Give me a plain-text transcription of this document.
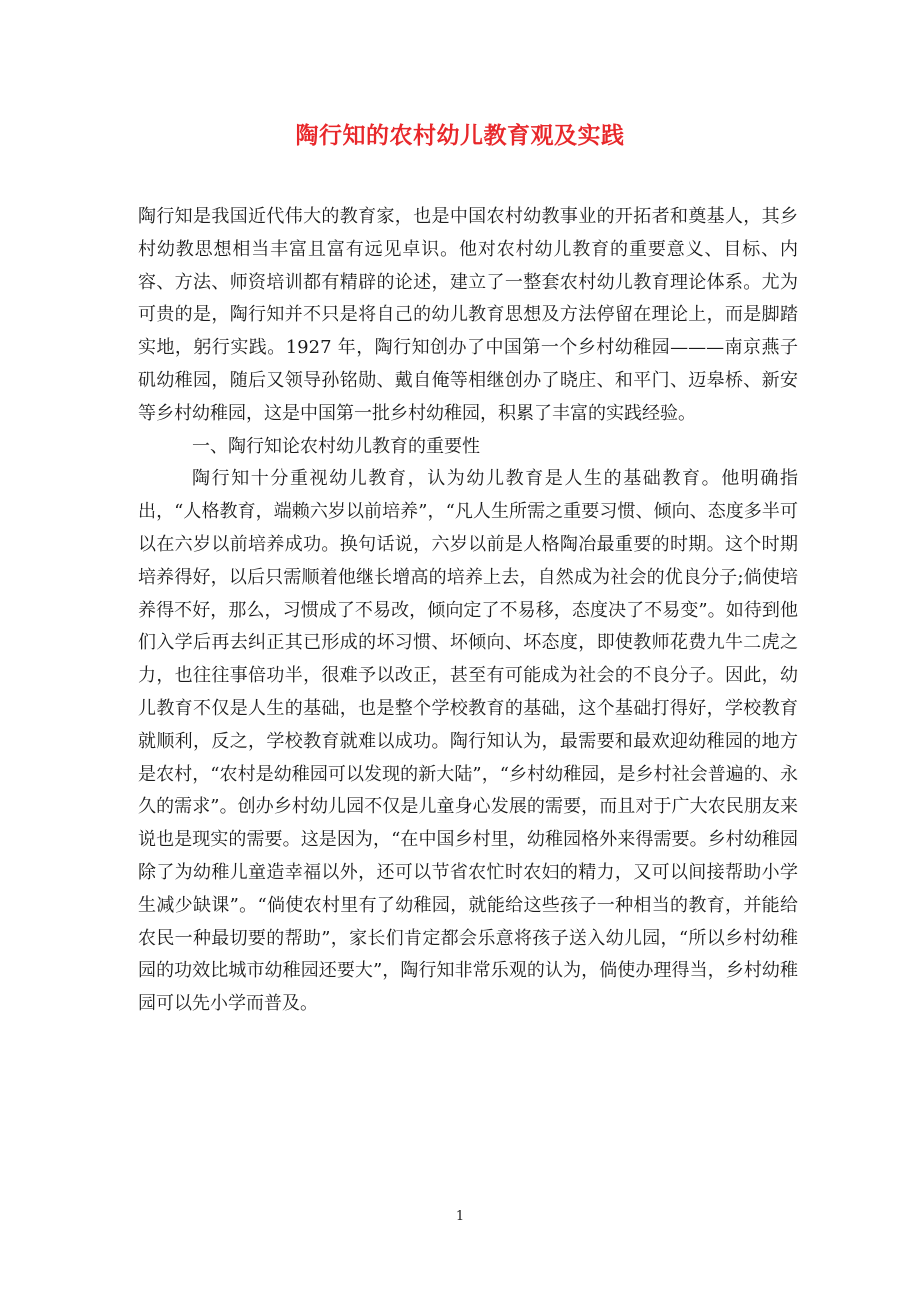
陶行知的农村幼儿教育观及实践

陶行知是我国近代伟大的教育家，也是中国农村幼教事业的开拓者和奠基人，其乡村幼教思想相当丰富且富有远见卓识。他对农村幼儿教育的重要意义、目标、内容、方法、师资培训都有精辟的论述，建立了一整套农村幼儿教育理论体系。尤为可贵的是，陶行知并不只是将自己的幼儿教育思想及方法停留在理论上，而是脚踏实地，躬行实践。1927 年，陶行知创办了中国第一个乡村幼稚园———南京燕子矶幼稚园，随后又领导孙铭勋、戴自俺等相继创办了晓庄、和平门、迈皋桥、新安等乡村幼稚园，这是中国第一批乡村幼稚园，积累了丰富的实践经验。

一、陶行知论农村幼儿教育的重要性

陶行知十分重视幼儿教育，认为幼儿教育是人生的基础教育。他明确指出，“人格教育，端赖六岁以前培养”，“凡人生所需之重要习惯、倾向、态度多半可以在六岁以前培养成功。换句话说，六岁以前是人格陶冶最重要的时期。这个时期培养得好，以后只需顺着他继长增高的培养上去，自然成为社会的优良分子;倘使培养得不好，那么，习惯成了不易改，倾向定了不易移，态度决了不易变”。如待到他们入学后再去纠正其已形成的坏习惯、坏倾向、坏态度，即使教师花费九牛二虎之力，也往往事倍功半，很难予以改正，甚至有可能成为社会的不良分子。因此，幼儿教育不仅是人生的基础，也是整个学校教育的基础，这个基础打得好，学校教育就顺利，反之，学校教育就难以成功。陶行知认为，最需要和最欢迎幼稚园的地方是农村，“农村是幼稚园可以发现的新大陆”，“乡村幼稚园，是乡村社会普遍的、永久的需求”。创办乡村幼儿园不仅是儿童身心发展的需要，而且对于广大农民朋友来说也是现实的需要。这是因为，“在中国乡村里，幼稚园格外来得需要。乡村幼稚园除了为幼稚儿童造幸福以外，还可以节省农忙时农妇的精力，又可以间接帮助小学生减少缺课”。“倘使农村里有了幼稚园，就能给这些孩子一种相当的教育，并能给农民一种最切要的帮助”，家长们肯定都会乐意将孩子送入幼儿园，“所以乡村幼稚园的功效比城市幼稚园还要大”，陶行知非常乐观的认为，倘使办理得当，乡村幼稚园可以先小学而普及。

1
